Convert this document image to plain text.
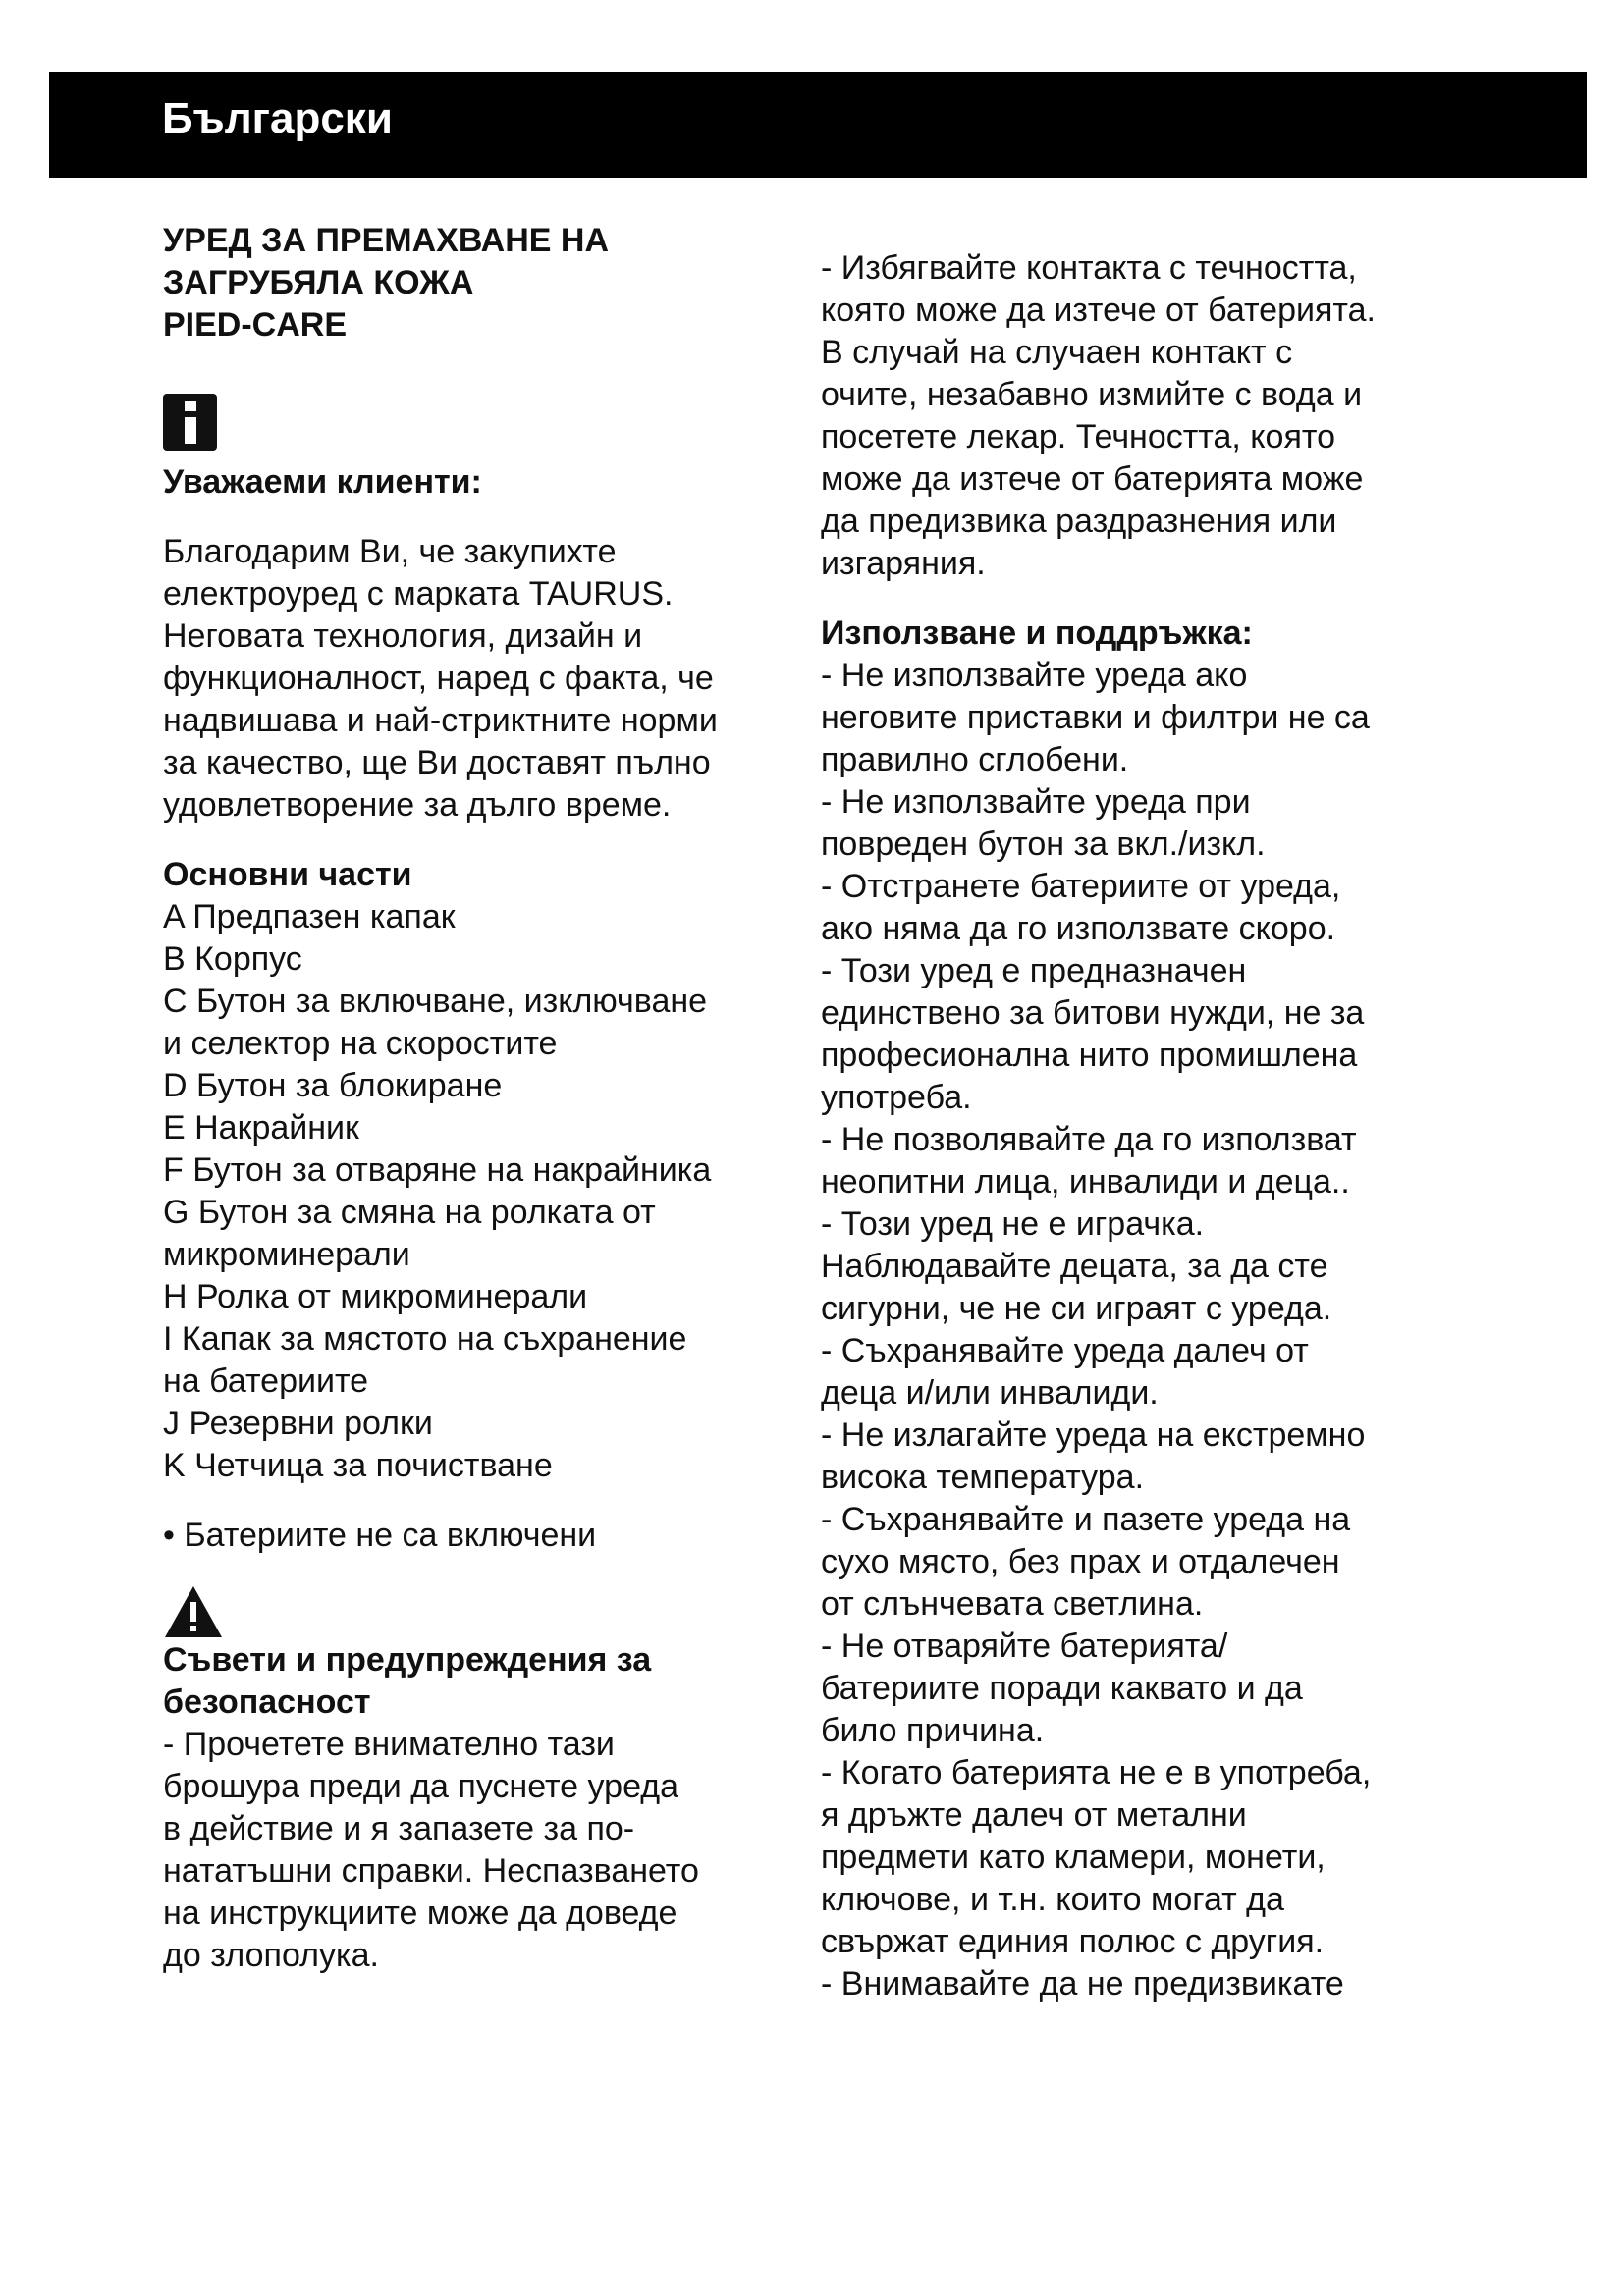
Български

УРЕД ЗА ПРЕМАХВАНЕ НА

ЗАГРУБЯЛА КОЖА

PIED-CARE

Уважаеми клиенти:

Благодарим Ви, че закупихте

електроуред с марката TAURUS.

Неговата технология, дизайн и

функционалност, наред с факта, че

надвишава и най-стриктните норми

за качество, ще Ви доставят пълно

удовлетворение за дълго време.

Основни части

A Предпазен капак

B Корпус

C Бутон за включване, изключване

и селектор на скоростите

D Бутон за блокиране

E Накрайник

F Бутон за отваряне на накрайника

G Бутон за смяна на ролката от

микроминерали

H Ролка от микроминерали

I Капак за мястото на съхранение

на батериите

J Резервни ролки

K Четчица за почистване

• Батериите не са включени

Съвети и предупреждения за

безопасност

- Прочетете внимателно тази

брошура преди да пуснете уреда

в действие и я запазете за по-

нататъшни справки. Неспазването

на инструкциите може да доведе

до злополука.

- Избягвайте контакта с течността,

която може да изтече от батерията.

В случай на случаен контакт с

очите, незабавно измийте с вода и

посетете лекар. Течността, която

може да изтече от батерията може

да предизвика раздразнения или

изгаряния.

Използване и поддръжка:

- Не използвайте уреда ако

неговите приставки и филтри не са

правилно сглобени.

- Не използвайте уреда при

повреден бутон за вкл./изкл.

- Отстранете батериите от уреда,

ако няма да го използвате скоро.

- Този уред е предназначен

единствено за битови нужди, не за

професионална нито промишлена

употреба.

- Не позволявайте да го използват

неопитни лица, инвалиди и деца..

- Този уред не е играчка.

Наблюдавайте децата, за да сте

сигурни, че не си играят с уреда.

- Съхранявайте уреда далеч от

деца и/или инвалиди.

- Не излагайте уреда на екстремно

висока температура.

- Съхранявайте и пазете уреда на

сухо място, без прах и отдалечен

от слънчевата светлина.

- Не отваряйте батерията/

батериите поради каквато и да

било причина.

- Когато батерията не е в употреба,

я дръжте далеч от метални

предмети като кламери, монети,

ключове, и т.н. които могат да

свържат единия полюс с другия.

- Внимавайте да не предизвикате
